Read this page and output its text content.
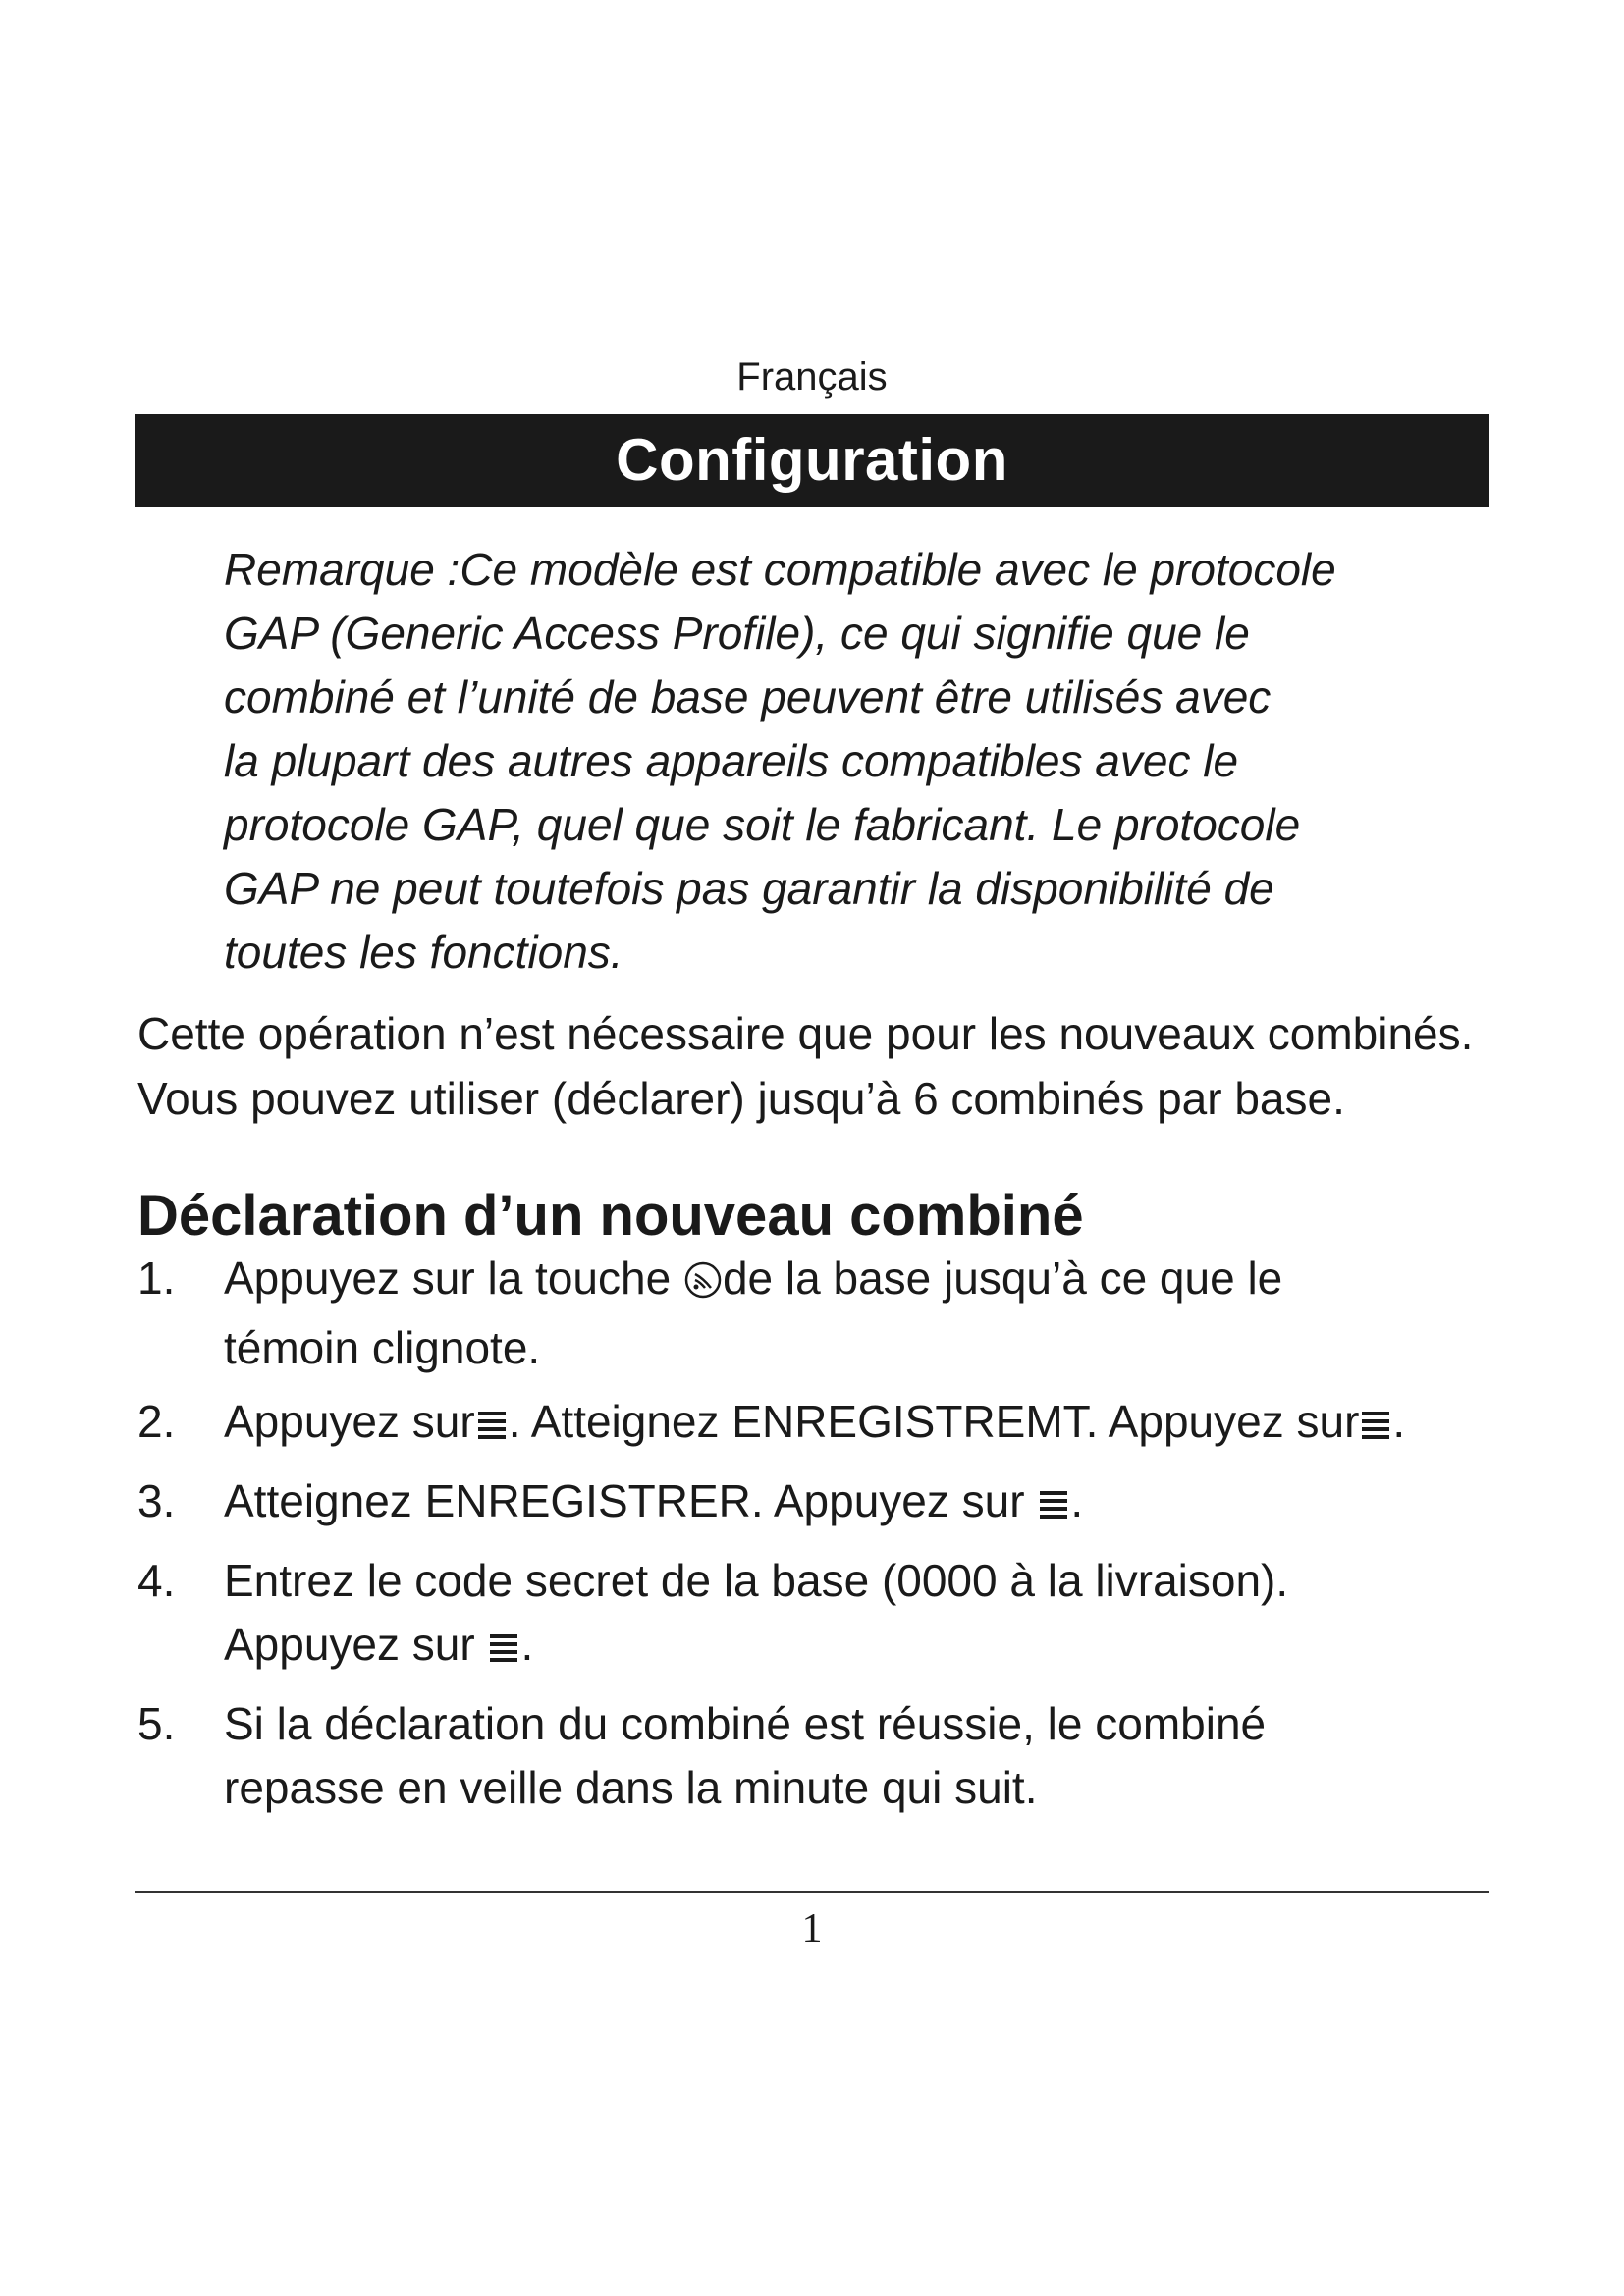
Français
Configuration

Remarque :Ce modèle est compatible avec le protocole
GAP (Generic Access Profile), ce qui signifie que le
combiné et l’unité de base peuvent être utilisés avec
la plupart des autres appareils compatibles avec le
protocole GAP, quel que soit le fabricant. Le protocole
GAP ne peut toutefois pas garantir la disponibilité de
toutes les fonctions.

Cette opération n’est nécessaire que pour les nouveaux combinés.
Vous pouvez utiliser (déclarer) jusqu’à 6 combinés par base.

Déclaration d’un nouveau combiné
1. Appuyez sur la touche de la base jusqu’à ce que le
témoin clignote.
2. Appuyez sur . Atteignez ENREGISTREMT. Appuyez sur .
3. Atteignez ENREGISTRER. Appuyez sur .
4. Entrez le code secret de la base (0000 à la livraison).
Appuyez sur .
5. Si la déclaration du combiné est réussie, le combiné
repasse en veille dans la minute qui suit.
1
